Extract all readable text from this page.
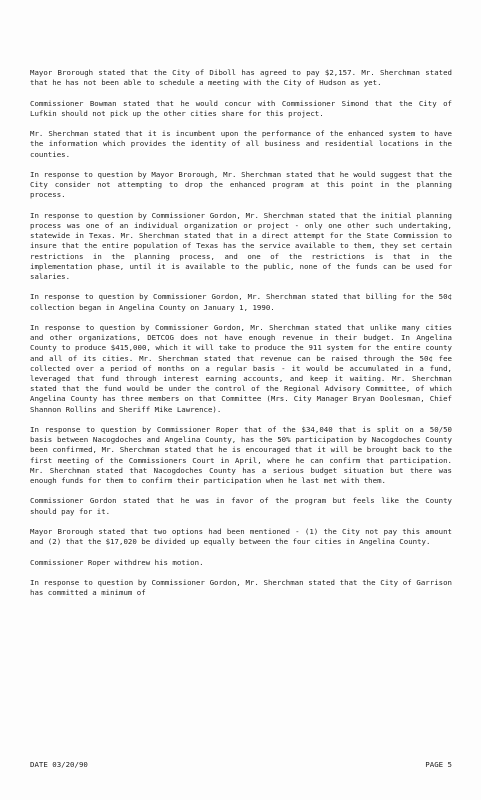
Mayor Brorough stated that the City of Diboll has agreed to pay $2,157. Mr. Sherchman stated that he has not been able to schedule a meeting with the City of Hudson as yet.

Commissioner Bowman stated that he would concur with Commissioner Simond that the City of Lufkin should not pick up the other cities share for this project.

Mr. Sherchman stated that it is incumbent upon the performance of the enhanced system to have the information which provides the identity of all business and residential locations in the counties.

In response to question by Mayor Brorough, Mr. Sherchman stated that he would suggest that the City consider not attempting to drop the enhanced program at this point in the planning process.

In response to question by Commissioner Gordon, Mr. Sherchman stated that the initial planning process was one of an individual organization or project - only one other such undertaking, statewide in Texas. Mr. Sherchman stated that in a direct attempt for the State Commission to insure that the entire population of Texas has the service available to them, they set certain restrictions in the planning process, and one of the restrictions is that in the implementation phase, until it is available to the public, none of the funds can be used for salaries.

In response to question by Commissioner Gordon, Mr. Sherchman stated that billing for the 50¢ collection began in Angelina County on January 1, 1990.

In response to question by Commissioner Gordon, Mr. Sherchman stated that unlike many cities and other organizations, DETCOG does not have enough revenue in their budget. In Angelina County to produce $415,000, which it will take to produce the 911 system for the entire county and all of its cities. Mr. Sherchman stated that revenue can be raised through the 50¢ fee collected over a period of months on a regular basis - it would be accumulated in a fund, leveraged that fund through interest earning accounts, and keep it waiting. Mr. Sherchman stated that the fund would be under the control of the Regional Advisory Committee, of which Angelina County has three members on that Committee (Mrs. City Manager Bryan Doolesman, Chief Shannon Rollins and Sheriff Mike Lawrence).

In response to question by Commissioner Roper that of the $34,040 that is split on a 50/50 basis between Nacogdoches and Angelina County, has the 50% participation by Nacogdoches County been confirmed, Mr. Sherchman stated that he is encouraged that it will be brought back to the first meeting of the Commissioners Court in April, where he can confirm that participation. Mr. Sherchman stated that Nacogdoches County has a serious budget situation but there was enough funds for them to confirm their participation when he last met with them.

Commissioner Gordon stated that he was in favor of the program but feels like the County should pay for it.

Mayor Brorough stated that two options had been mentioned - (1) the City not pay this amount and (2) that the $17,020 be divided up equally between the four cities in Angelina County.

Commissioner Roper withdrew his motion.

In response to question by Commissioner Gordon, Mr. Sherchman stated that the City of Garrison has committed a minimum of

DATE 03/20/90	PAGE 5
